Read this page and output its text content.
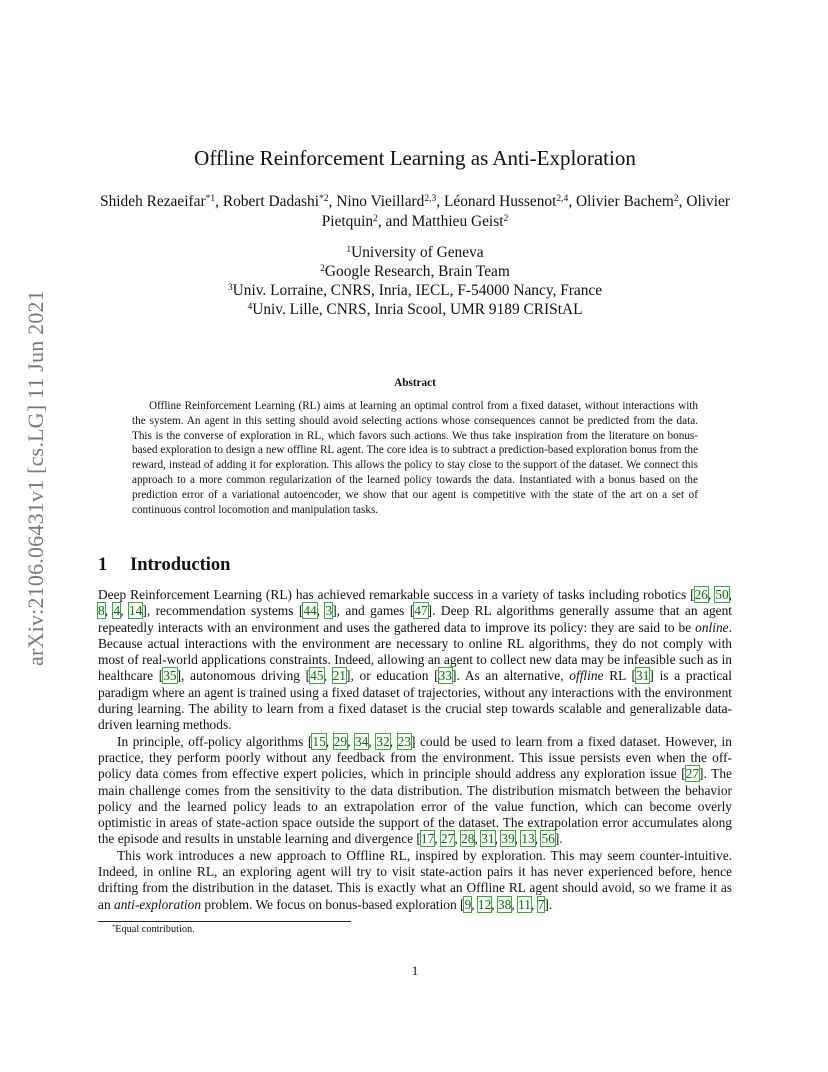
arXiv:2106.06431v1 [cs.LG] 11 Jun 2021
Offline Reinforcement Learning as Anti-Exploration
Shideh Rezaeifar$^{*1}$, Robert Dadashi$^{*2}$, Nino Vieillard$^{2,3}$, Léonard Hussenot$^{2,4}$, Olivier Bachem$^2$, Olivier Pietquin$^2$, and Matthieu Geist$^2$
$^1$University of Geneva
$^2$Google Research, Brain Team
$^3$Univ. Lorraine, CNRS, Inria, IECL, F-54000 Nancy, France
$^4$Univ. Lille, CNRS, Inria Scool, UMR 9189 CRIStAL
Abstract

Offline Reinforcement Learning (RL) aims at learning an optimal control from a fixed dataset, without interactions with the system. An agent in this setting should avoid selecting actions whose consequences cannot be predicted from the data. This is the converse of exploration in RL, which favors such actions. We thus take inspiration from the literature on bonus-based exploration to design a new offline RL agent. The core idea is to subtract a prediction-based exploration bonus from the reward, instead of adding it for exploration. This allows the policy to stay close to the support of the dataset. We connect this approach to a more common regularization of the learned policy towards the data. Instantiated with a bonus based on the prediction error of a variational autoencoder, we show that our agent is competitive with the state of the art on a set of continuous control locomotion and manipulation tasks.

1 Introduction

Deep Reinforcement Learning (RL) has achieved remarkable success in a variety of tasks including robotics [26, 50, 8, 4, 14], recommendation systems [44, 3], and games [47]. Deep RL algorithms generally assume that an agent repeatedly interacts with an environment and uses the gathered data to improve its policy: they are said to be online. Because actual interactions with the environment are necessary to online RL algorithms, they do not comply with most of real-world applications constraints. Indeed, allowing an agent to collect new data may be infeasible such as in healthcare [35], autonomous driving [45, 21], or education [33]. As an alternative, offline RL [31] is a practical paradigm where an agent is trained using a fixed dataset of trajectories, without any interactions with the environment during learning. The ability to learn from a fixed dataset is the crucial step towards scalable and generalizable data-driven learning methods.

In principle, off-policy algorithms [15, 29, 34, 32, 23] could be used to learn from a fixed dataset. However, in practice, they perform poorly without any feedback from the environment. This issue persists even when the off-policy data comes from effective expert policies, which in principle should address any exploration issue [27]. The main challenge comes from the sensitivity to the data distribution. The distribution mismatch between the behavior policy and the learned policy leads to an extrapolation error of the value function, which can become overly optimistic in areas of state-action space outside the support of the dataset. The extrapolation error accumulates along the episode and results in unstable learning and divergence [17, 27, 28, 31, 39, 13, 56].

This work introduces a new approach to Offline RL, inspired by exploration. This may seem counter-intuitive. Indeed, in online RL, an exploring agent will try to visit state-action pairs it has never experienced before, hence drifting from the distribution in the dataset. This is exactly what an Offline RL agent should avoid, so we frame it as an anti-exploration problem. We focus on bonus-based exploration [9, 12, 38, 11, 7].

*Equal contribution.
1
